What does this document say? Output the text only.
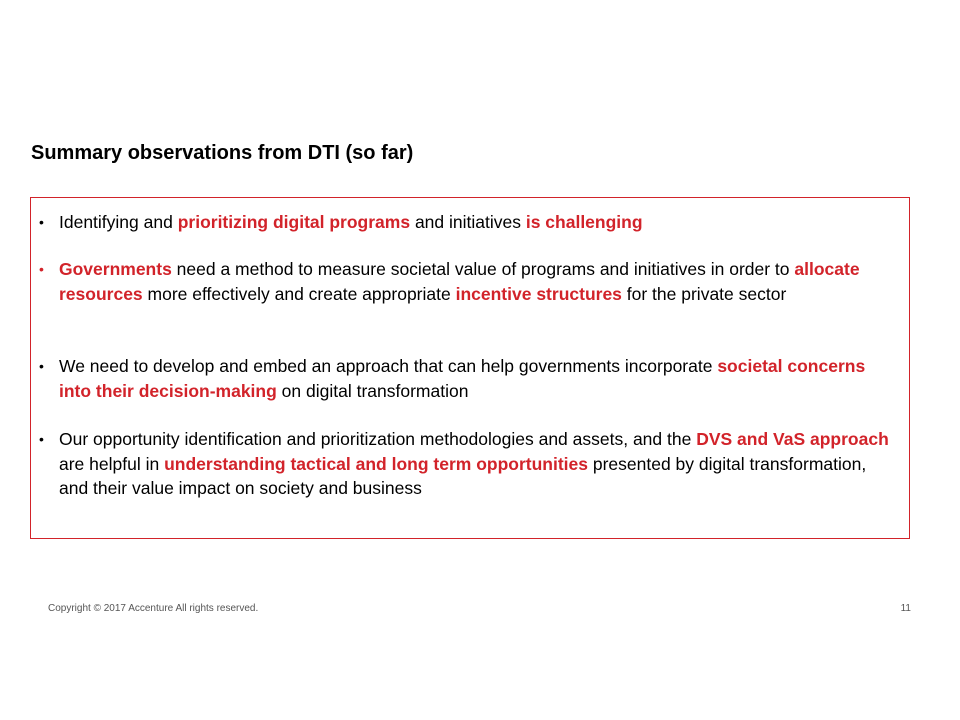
Summary observations from DTI (so far)
• Identifying and prioritizing digital programs and initiatives is challenging
• Governments need a method to measure societal value of programs and initiatives in order to allocate resources more effectively and create appropriate incentive structures for the private sector
• We need to develop and embed an approach that can help governments incorporate societal concerns into their decision-making on digital transformation
• Our opportunity identification and prioritization methodologies and assets, and the DVS and VaS approach are helpful in understanding tactical and long term opportunities presented by digital transformation, and their value impact on society and business
Copyright © 2017 Accenture All rights reserved.	11
